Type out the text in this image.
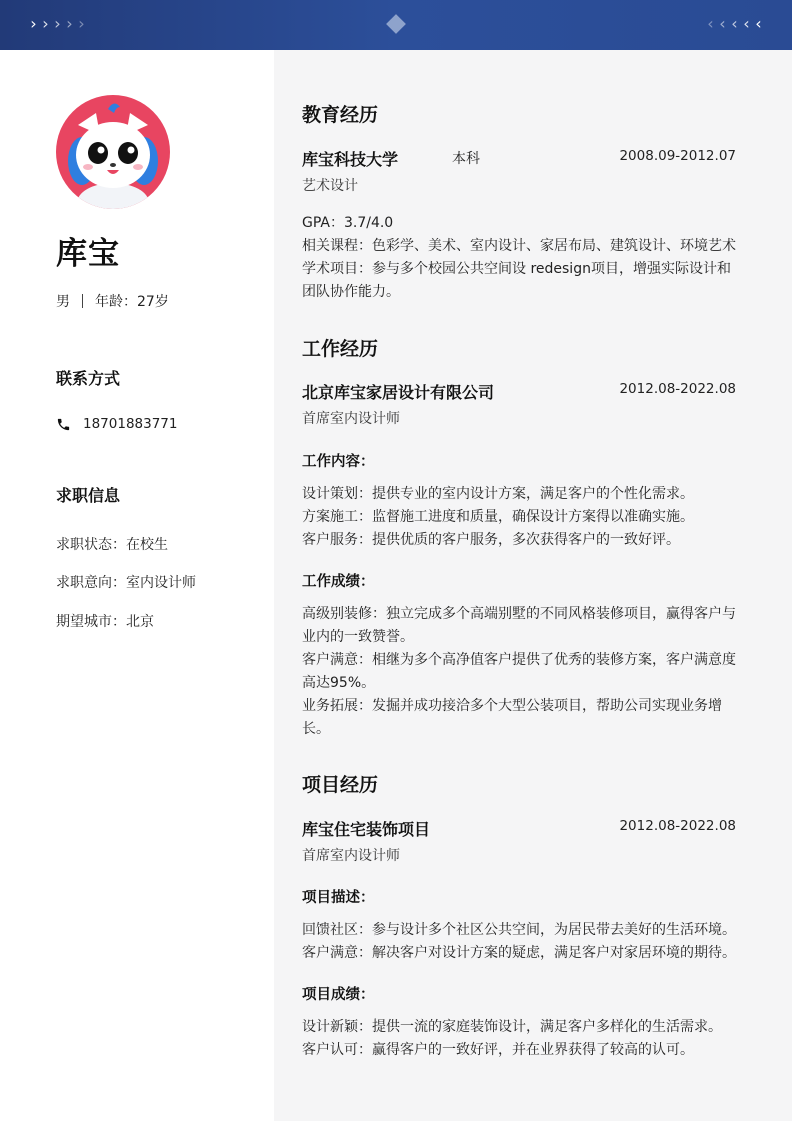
› › › › ›	‹ ‹ ‹ ‹ ‹
库宝
男 年龄：27岁
联系方式
18701883771
求职信息
求职状态：在校生
求职意向：室内设计师
期望城市：北京
教育经历
库宝科技大学	本科	2008.09-2012.07
艺术设计
GPA：3.7/4.0
相关课程：色彩学、美术、室内设计、家居布局、建筑设计、环境艺术
学术项目：参与多个校园公共空间设 redesign项目，增强实际设计和团队协作能力。
工作经历
北京库宝家居设计有限公司	2012.08-2022.08
首席室内设计师
工作内容：
设计策划：提供专业的室内设计方案，满足客户的个性化需求。
方案施工：监督施工进度和质量，确保设计方案得以准确实施。
客户服务：提供优质的客户服务，多次获得客户的一致好评。
工作成绩：
高级别装修：独立完成多个高端别墅的不同风格装修项目，赢得客户与业内的一致赞誉。
客户满意：相继为多个高净值客户提供了优秀的装修方案，客户满意度高达95%。
业务拓展：发掘并成功接洽多个大型公装项目，帮助公司实现业务增长。
项目经历
库宝住宅装饰项目	2012.08-2022.08
首席室内设计师
项目描述：
回馈社区：参与设计多个社区公共空间，为居民带去美好的生活环境。
客户满意：解决客户对设计方案的疑虑，满足客户对家居环境的期待。
项目成绩：
设计新颖：提供一流的家庭装饰设计，满足客户多样化的生活需求。
客户认可：赢得客户的一致好评，并在业界获得了较高的认可。
